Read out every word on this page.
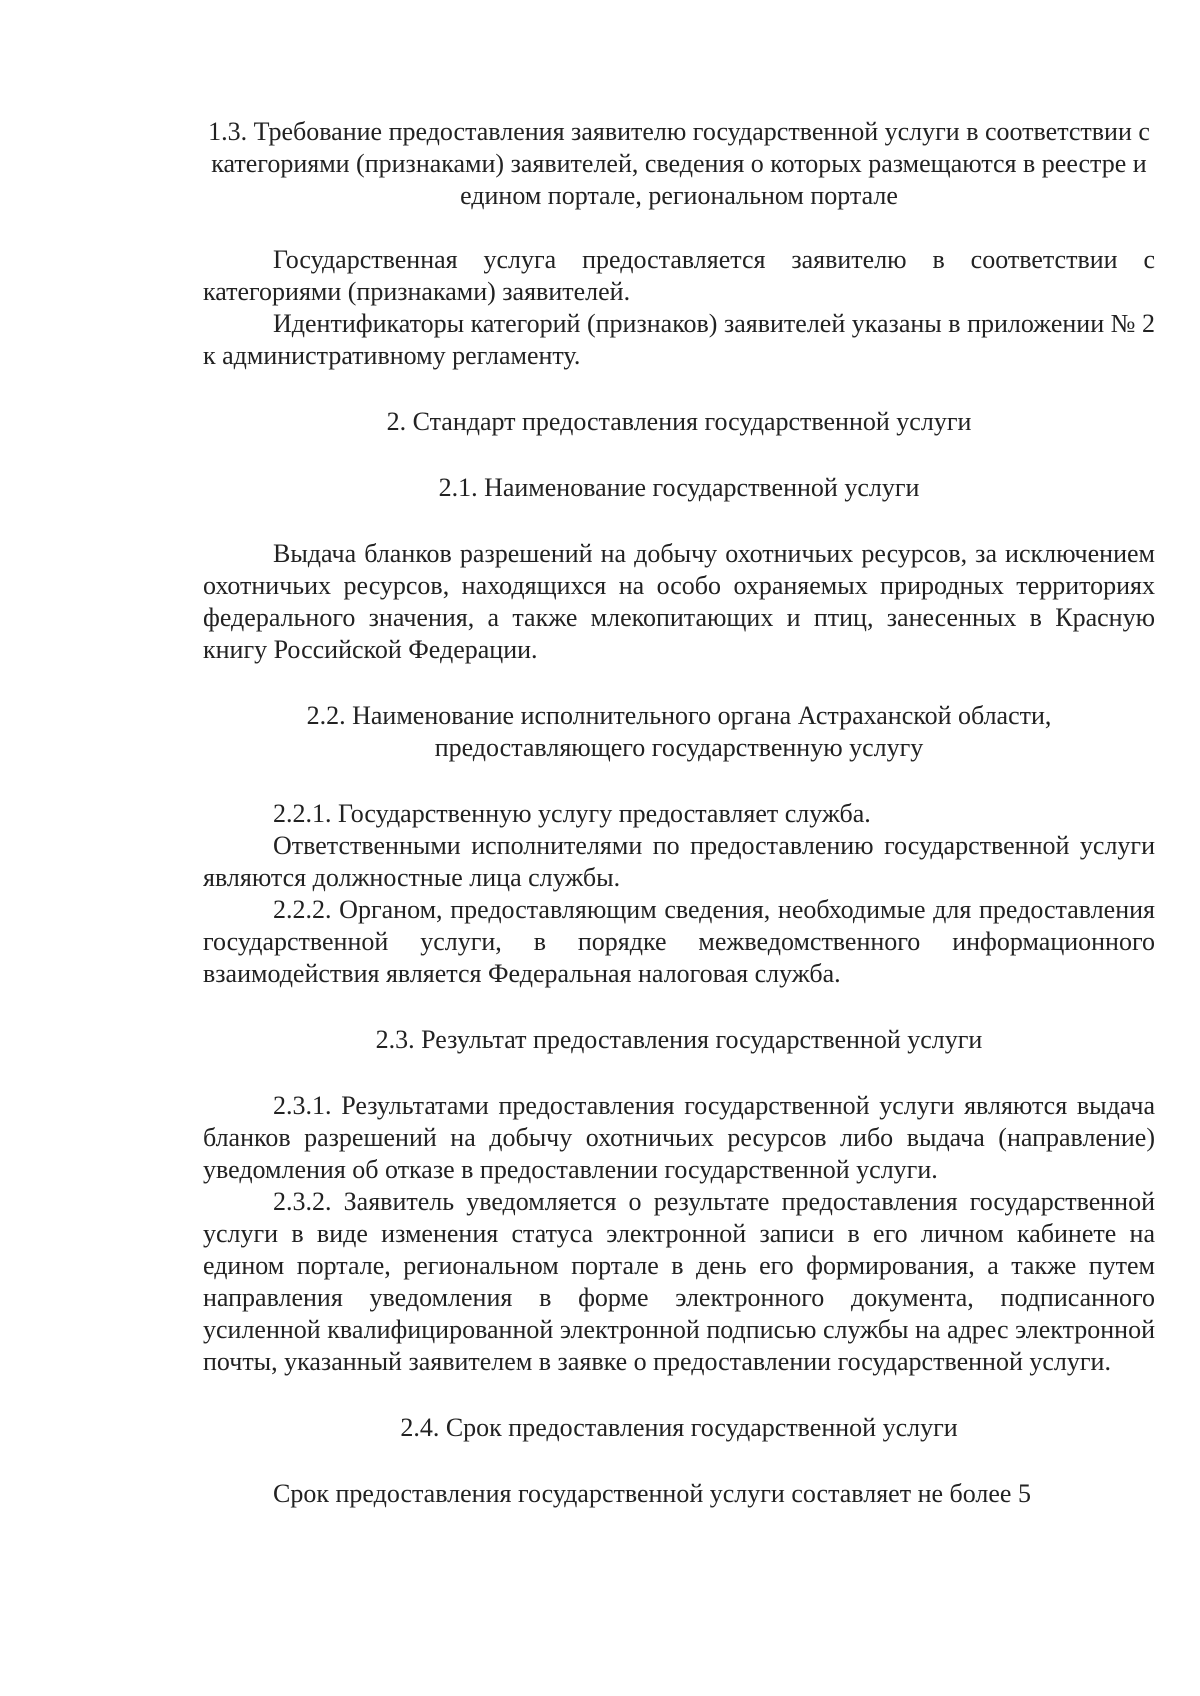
1.3. Требование предоставления заявителю государственной услуги в соответствии с категориями (признаками) заявителей, сведения о которых размещаются в реестре и едином портале, региональном портале

Государственная услуга предоставляется заявителю в соответствии с категориями (признаками) заявителей.

Идентификаторы категорий (признаков) заявителей указаны в приложении № 2 к административному регламенту.

2. Стандарт предоставления государственной услуги

2.1. Наименование государственной услуги

Выдача бланков разрешений на добычу охотничьих ресурсов, за исключением охотничьих ресурсов, находящихся на особо охраняемых природных территориях федерального значения, а также млекопитающих и птиц, занесенных в Красную книгу Российской Федерации.

2.2. Наименование исполнительного органа Астраханской области, предоставляющего государственную услугу

2.2.1. Государственную услугу предоставляет служба.

Ответственными исполнителями по предоставлению государственной услуги являются должностные лица службы.

2.2.2. Органом, предоставляющим сведения, необходимые для предоставления государственной услуги, в порядке межведомственного информационного взаимодействия является Федеральная налоговая служба.

2.3. Результат предоставления государственной услуги

2.3.1. Результатами предоставления государственной услуги являются выдача бланков разрешений на добычу охотничьих ресурсов либо выдача (направление) уведомления об отказе в предоставлении государственной услуги.

2.3.2. Заявитель уведомляется о результате предоставления государственной услуги в виде изменения статуса электронной записи в его личном кабинете на едином портале, региональном портале в день его формирования, а также путем направления уведомления в форме электронного документа, подписанного усиленной квалифицированной электронной подписью службы на адрес электронной почты, указанный заявителем в заявке о предоставлении государственной услуги.

2.4. Срок предоставления государственной услуги

Срок предоставления государственной услуги составляет не более 5
